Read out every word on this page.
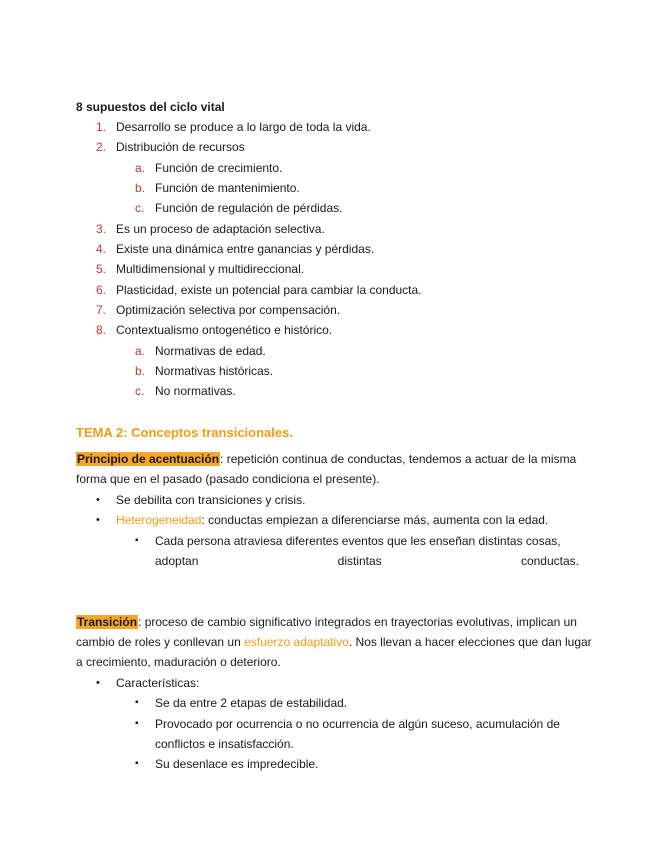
8 supuestos del ciclo vital
1. Desarrollo se produce a lo largo de toda la vida.
2. Distribución de recursos
a. Función de crecimiento.
b. Función de mantenimiento.
c. Función de regulación de pérdidas.
3. Es un proceso de adaptación selectiva.
4. Existe una dinámica entre ganancias y pérdidas.
5. Multidimensional y multidireccional.
6. Plasticidad, existe un potencial para cambiar la conducta.
7. Optimización selectiva por compensación.
8. Contextualismo ontogenético e histórico.
a. Normativas de edad.
b. Normativas históricas.
c. No normativas.
TEMA 2: Conceptos transicionales.
Principio de acentuación: repetición continua de conductas, tendemos a actuar de la misma
forma que en el pasado (pasado condiciona el presente).
• Se debilita con transiciones y crisis.
• Heterogeneidad: conductas empiezan a diferenciarse más, aumenta con la edad.
▪ Cada persona atraviesa diferentes eventos que les enseñan distintas cosas,
adoptan	distintas	conductas.
Transición: proceso de cambio significativo integrados en trayectorias evolutivas, implican un
cambio de roles y conllevan un esfuerzo adaptativo. Nos llevan a hacer elecciones que dan lugar
a crecimiento, maduración o deterioro.
• Características:
▪ Se da entre 2 etapas de estabilidad.
▪ Provocado por ocurrencia o no ocurrencia de algún suceso, acumulación de
conflictos e insatisfacción.
▪ Su desenlace es impredecible.
